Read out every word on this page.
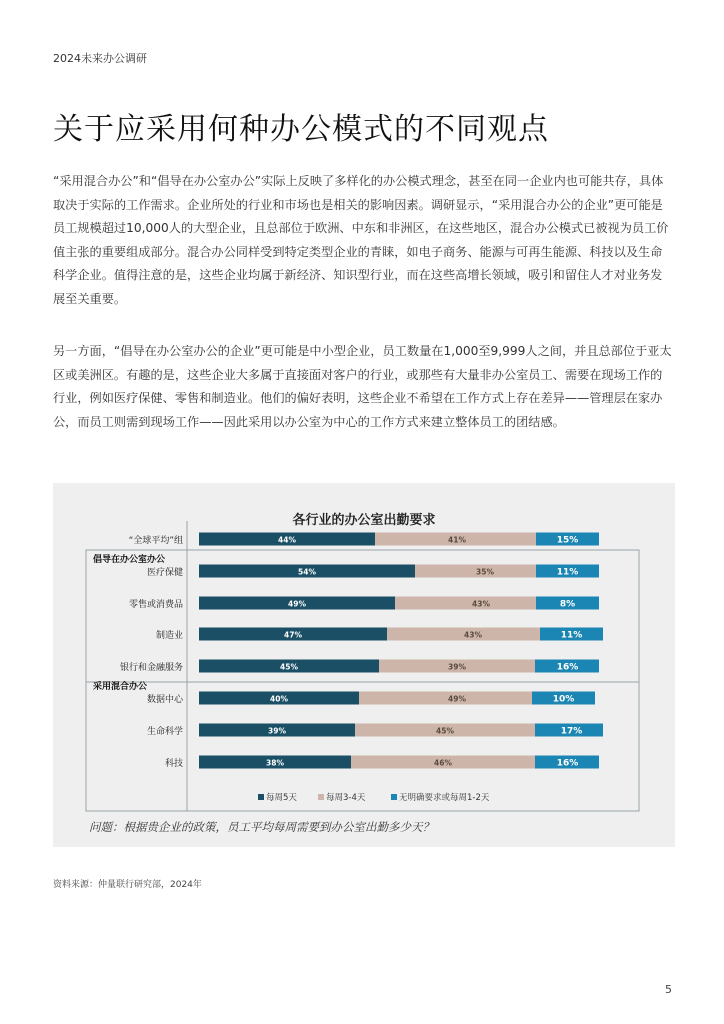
2024未来办公调研
关于应采用何种办公模式的不同观点

“采用混合办公”和“倡导在办公室办公”实际上反映了多样化的办公模式理念，甚至在同一企业内也可能共存，具体取决于实际的工作需求。企业所处的行业和市场也是相关的影响因素。调研显示，“采用混合办公的企业”更可能是员工规模超过10,000人的大型企业，且总部位于欧洲、中东和非洲区，在这些地区，混合办公模式已被视为员工价值主张的重要组成部分。混合办公同样受到特定类型企业的青睐，如电子商务、能源与可再生能源、科技以及生命科学企业。值得注意的是，这些企业均属于新经济、知识型行业，而在这些高增长领域，吸引和留住人才对业务发展至关重要。

另一方面，“倡导在办公室办公的企业”更可能是中小型企业，员工数量在1,000至9,999人之间，并且总部位于亚太区或美洲区。有趣的是，这些企业大多属于直接面对客户的行业，或那些有大量非办公室员工、需要在现场工作的行业，例如医疗保健、零售和制造业。他们的偏好表明，这些企业不希望在工作方式上存在差异——管理层在家办公，而员工则需到现场工作——因此采用以办公室为中心的工作方式来建立整体员工的团结感。

各行业的办公室出勤要求
倡导在办公室办公
采用混合办公
“全球平均”组	44%	41%	15%
医疗保健	54%	35%	11%
零售或消费品	49%	43%	8%
制造业	47%	43%	11%
银行和金融服务	45%	39%	16%
数据中心	40%	49%	10%
生命科学	39%	45%	17%
科技	38%	46%	16%
每周5天	每周3-4天	无明确要求或每周1-2天
问题：根据贵企业的政策，员工平均每周需要到办公室出勤多少天？
资料来源：仲量联行研究部，2024年
5
